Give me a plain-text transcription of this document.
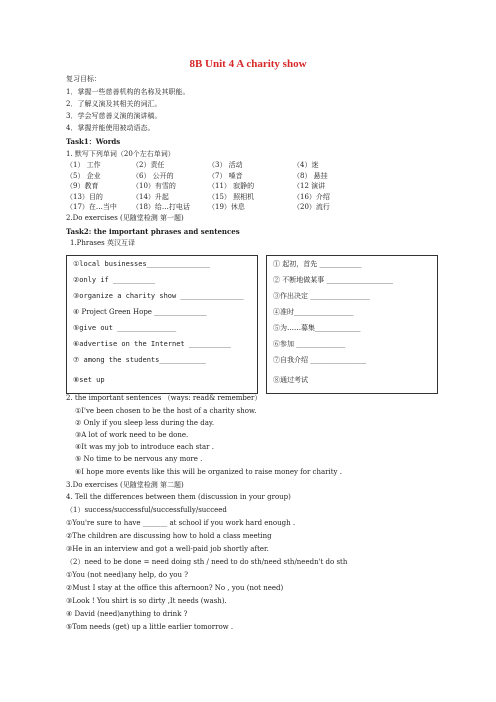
8B Unit 4 A charity show
复习目标：
1．掌握一些慈善机构的名称及其职能。
2．了解义演及其相关的词汇。
3．学会写慈善义演的演讲稿。
4．掌握并能使用被动语态。
Task1：Words
1. 默写下列单词（20个左右单词）
（1） 工作	（2）责任	（3） 活动	（4）迷
（5） 企业	（6） 公开的	（7） 嗓音	（8） 悬挂
（9）教育	（10）有雪的	（11） 寂静的	（12 演讲
（13）目的	（14）升起	（15） 照相机	（16）介绍
（17）在…当中 （18）给…打电话	（19）休息	（20）流行
2.Do exercises (见随堂检测 第一题)
Task2: the important phrases and sentences
1.Phrases 英汉互译
①local businesses_______________
②only if __________
③organize a charity show _______________
④ Project Green Hope _______________
⑤give out ______________
⑥advertise on the Internet __________
⑦ among the students___________
⑧set up
① 起初，首先 ____________
② 不断地做某事 ___________________
③作出决定 _________________
④准时_________________
⑤为……募集_____________
⑥参加 ______________
⑦自我介绍 ________________
⑧通过考试
2. the important sentences （ways: read& remember）
①I've been chosen to be the host of a charity show.
② Only if you sleep less during the day.
③A lot of work need to be done.
④It was my job to introduce each star .
⑤ No time to be nervous any more .
⑥I hope more events like this will be organized to raise money for charity .
3.Do exercises (见随堂检测 第二题)
4. Tell the differences between them (discussion in your group)
（1）success/successful/successfully/succeed
①You're sure to have _______ at school if you work hard enough .
②The children are discussing how to hold a class meeting
③He in an interview and got a well-paid job shortly after.
（2）need to be done = need doing sth / need to do sth/need sth/needn't do sth
①You (not need)any help, do you ?
②Must I stay at the office this afternoon? No , you (not need)
③Look ! You shirt is so dirty ,It needs (wash).
④ David (need)anything to drink ?
⑤Tom needs (get) up a little earlier tomorrow .
